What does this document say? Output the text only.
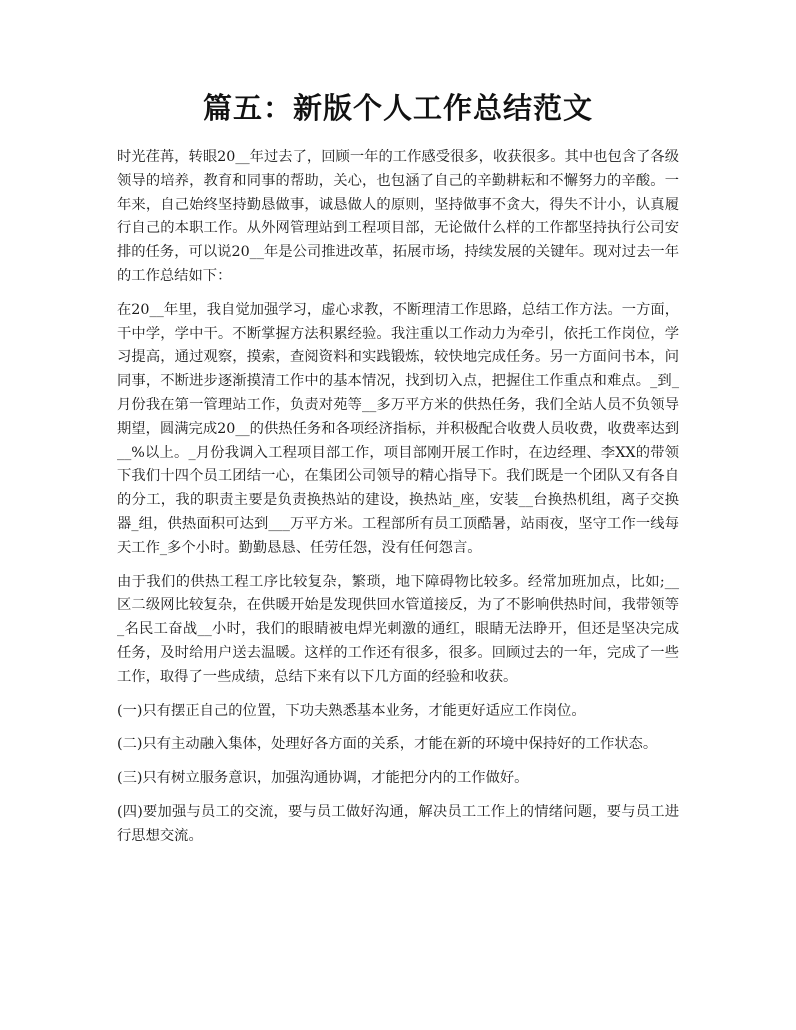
篇五：新版个人工作总结范文

时光荏苒，转眼20__年过去了，回顾一年的工作感受很多，收获很多。其中也包含了各级领导的培养，教育和同事的帮助，关心，也包涵了自己的辛勤耕耘和不懈努力的辛酸。一年来，自己始终坚持勤恳做事，诚恳做人的原则，坚持做事不贪大，得失不计小，认真履行自己的本职工作。从外网管理站到工程项目部，无论做什么样的工作都坚持执行公司安排的任务，可以说20__年是公司推进改革，拓展市场，持续发展的关键年。现对过去一年的工作总结如下：

在20__年里，我自觉加强学习，虚心求教，不断理清工作思路，总结工作方法。一方面，干中学，学中干。不断掌握方法积累经验。我注重以工作动力为牵引，依托工作岗位，学习提高，通过观察，摸索，查阅资料和实践锻炼，较快地完成任务。另一方面问书本，问同事，不断进步逐渐摸清工作中的基本情况，找到切入点，把握住工作重点和难点。_到_月份我在第一管理站工作，负责对苑等__多万平方米的供热任务，我们全站人员不负领导期望，圆满完成20__的供热任务和各项经济指标，并积极配合收费人员收费，收费率达到__%以上。_月份我调入工程项目部工作，项目部刚开展工作时，在边经理、李XX的带领下我们十四个员工团结一心，在集团公司领导的精心指导下。我们既是一个团队又有各自的分工，我的职责主要是负责换热站的建设，换热站_座，安装__台换热机组，离子交换器_组，供热面积可达到___万平方米。工程部所有员工顶酷暑，站雨夜，坚守工作一线每天工作_多个小时。勤勤恳恳、任劳任怨，没有任何怨言。

由于我们的供热工程工序比较复杂，繁琐，地下障碍物比较多。经常加班加点，比如;__区二级网比较复杂，在供暖开始是发现供回水管道接反，为了不影响供热时间，我带领等_名民工奋战__小时，我们的眼睛被电焊光刺激的通红，眼睛无法睁开，但还是坚决完成任务，及时给用户送去温暖。这样的工作还有很多，很多。回顾过去的一年，完成了一些工作，取得了一些成绩，总结下来有以下几方面的经验和收获。

(一)只有摆正自己的位置，下功夫熟悉基本业务，才能更好适应工作岗位。

(二)只有主动融入集体，处理好各方面的关系，才能在新的环境中保持好的工作状态。

(三)只有树立服务意识，加强沟通协调，才能把分内的工作做好。

(四)要加强与员工的交流，要与员工做好沟通，解决员工工作上的情绪问题，要与员工进行思想交流。
